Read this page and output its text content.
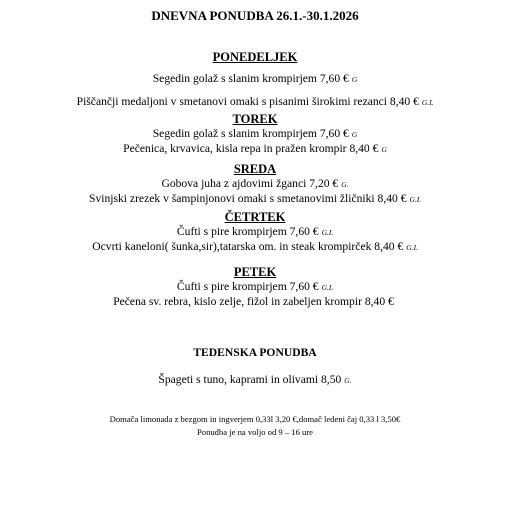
DNEVNA PONUDBA 26.1.-30.1.2026
PONEDELJEK
Segedin golaž s slanim krompirjem 7,60 € G
Piščančji medaljoni v smetanovi omaki s pisanimi širokimi rezanci 8,40 € G.L
TOREK
Segedin golaž s slanim krompirjem 7,60 € G
Pečenica, krvavica, kisla repa in pražen krompir 8,40 € G
SREDA
Gobova juha z ajdovimi žganci 7,20 € G.
Svinjski zrezek v šampinjonovi omaki s smetanovimi žličniki 8,40 € G.L
ČETRTEK
Čufti s pire krompirjem 7,60 € G.L
Ocvrti kaneloni( šunka,sir),tatarska om. in steak krompirček 8,40 € G.L
PETEK
Čufti s pire krompirjem 7,60 € G.L
Pečena sv. rebra, kislo zelje, fižol in zabeljen krompir 8,40 €
TEDENSKA PONUDBA
Špageti s tuno, kaprami in olivami 8,50 G.
Domača limonada z bezgom in ingverjem 0,33l 3,20 €,domač ledeni čaj 0,33 l 3,50€
Ponudba je na voljo od 9 – 16 ure
